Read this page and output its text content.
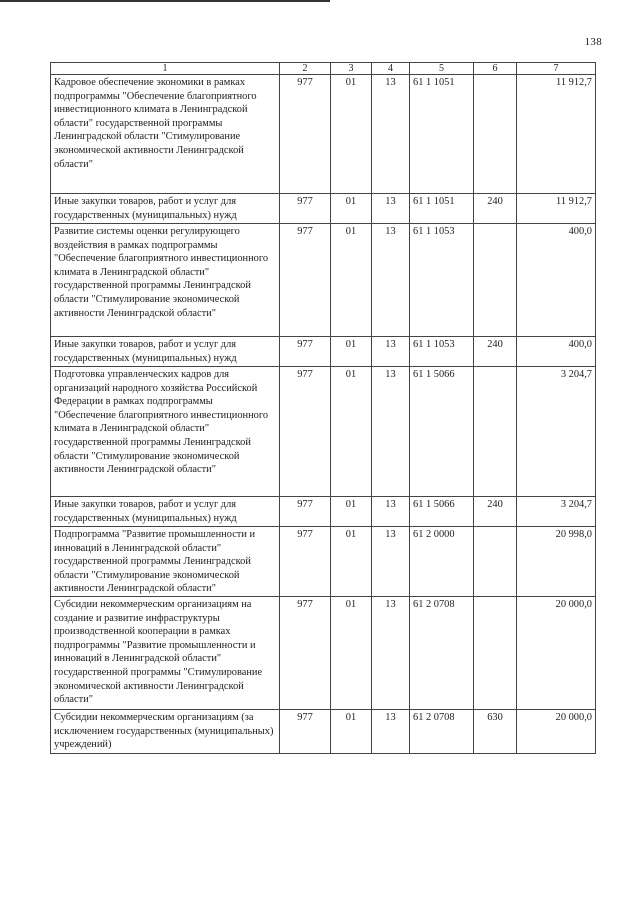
138
1	2	3	4	5	6	7
Кадровое обеспечение экономики в рамках подпрограммы "Обеспечение благоприятного инвестиционного климата в Ленинградской области" государственной программы Ленинградской области "Стимулирование экономической активности Ленинградской области"	977	01	13	61 1 1051		11 912,7
Иные закупки товаров, работ и услуг для государственных (муниципальных) нужд	977	01	13	61 1 1051	240	11 912,7
Развитие системы оценки регулирующего воздействия в рамках подпрограммы "Обеспечение благоприятного инвестиционного климата в Ленинградской области" государственной программы Ленинградской области "Стимулирование экономической активности Ленинградской области"	977	01	13	61 1 1053		400,0
Иные закупки товаров, работ и услуг для государственных (муниципальных) нужд	977	01	13	61 1 1053	240	400,0
Подготовка управленческих кадров для организаций народного хозяйства Российской Федерации в рамках подпрограммы "Обеспечение благоприятного инвестиционного климата в Ленинградской области" государственной программы Ленинградской области "Стимулирование экономической активности Ленинградской области"	977	01	13	61 1 5066		3 204,7
Иные закупки товаров, работ и услуг для государственных (муниципальных) нужд	977	01	13	61 1 5066	240	3 204,7
Подпрограмма "Развитие промышленности и инноваций в Ленинградской области" государственной программы Ленинградской области "Стимулирование экономической активности Ленинградской области"	977	01	13	61 2 0000		20 998,0
Субсидии некоммерческим организациям на создание и развитие инфраструктуры производственной кооперации в рамках подпрограммы "Развитие промышленности и инноваций в Ленинградской области" государственной программы "Стимулирование экономической активности Ленинградской области"	977	01	13	61 2 0708		20 000,0
Субсидии некоммерческим организациям (за исключением государственных (муниципальных) учреждений)	977	01	13	61 2 0708	630	20 000,0
